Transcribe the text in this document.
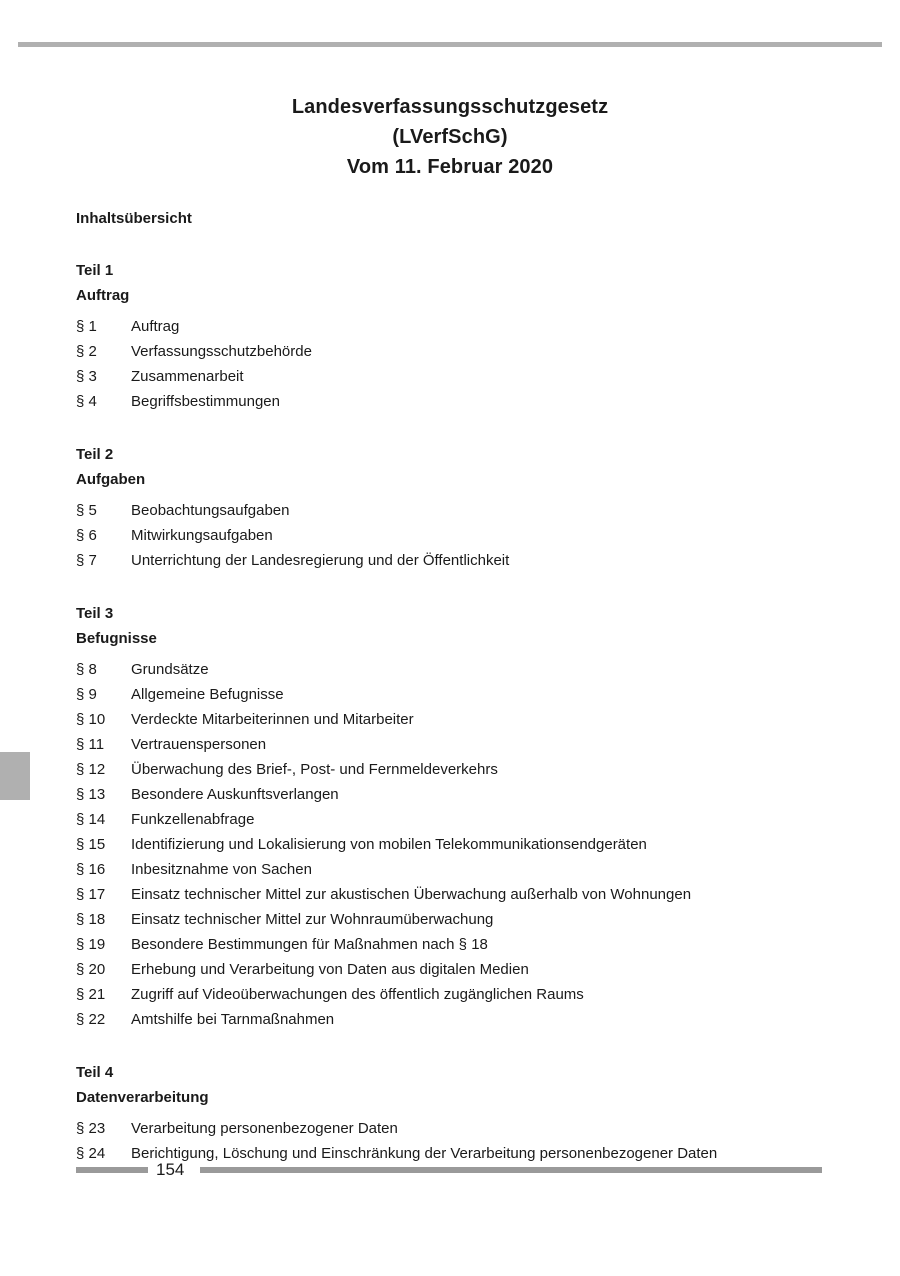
Landesverfassungsschutzgesetz
(LVerfSchG)
Vom 11. Februar 2020
Inhaltsübersicht
Teil 1
Auftrag
§ 1	Auftrag
§ 2	Verfassungsschutzbehörde
§ 3	Zusammenarbeit
§ 4	Begriffsbestimmungen
Teil 2
Aufgaben
§ 5	Beobachtungsaufgaben
§ 6	Mitwirkungsaufgaben
§ 7	Unterrichtung der Landesregierung und der Öffentlichkeit
Teil 3
Befugnisse
§ 8	Grundsätze
§ 9	Allgemeine Befugnisse
§ 10	Verdeckte Mitarbeiterinnen und Mitarbeiter
§ 11	Vertrauenspersonen
§ 12	Überwachung des Brief-, Post- und Fernmeldeverkehrs
§ 13	Besondere Auskunftsverlangen
§ 14	Funkzellenabfrage
§ 15	Identifizierung und Lokalisierung von mobilen Telekommunikationsendgeräten
§ 16	Inbesitznahme von Sachen
§ 17	Einsatz technischer Mittel zur akustischen Überwachung außerhalb von Wohnungen
§ 18	Einsatz technischer Mittel zur Wohnraumüberwachung
§ 19	Besondere Bestimmungen für Maßnahmen nach § 18
§ 20	Erhebung und Verarbeitung von Daten aus digitalen Medien
§ 21	Zugriff auf Videoüberwachungen des öffentlich zugänglichen Raums
§ 22	Amtshilfe bei Tarnmaßnahmen
Teil 4
Datenverarbeitung
§ 23	Verarbeitung personenbezogener Daten
§ 24	Berichtigung, Löschung und Einschränkung der Verarbeitung personenbezogener Daten
154
